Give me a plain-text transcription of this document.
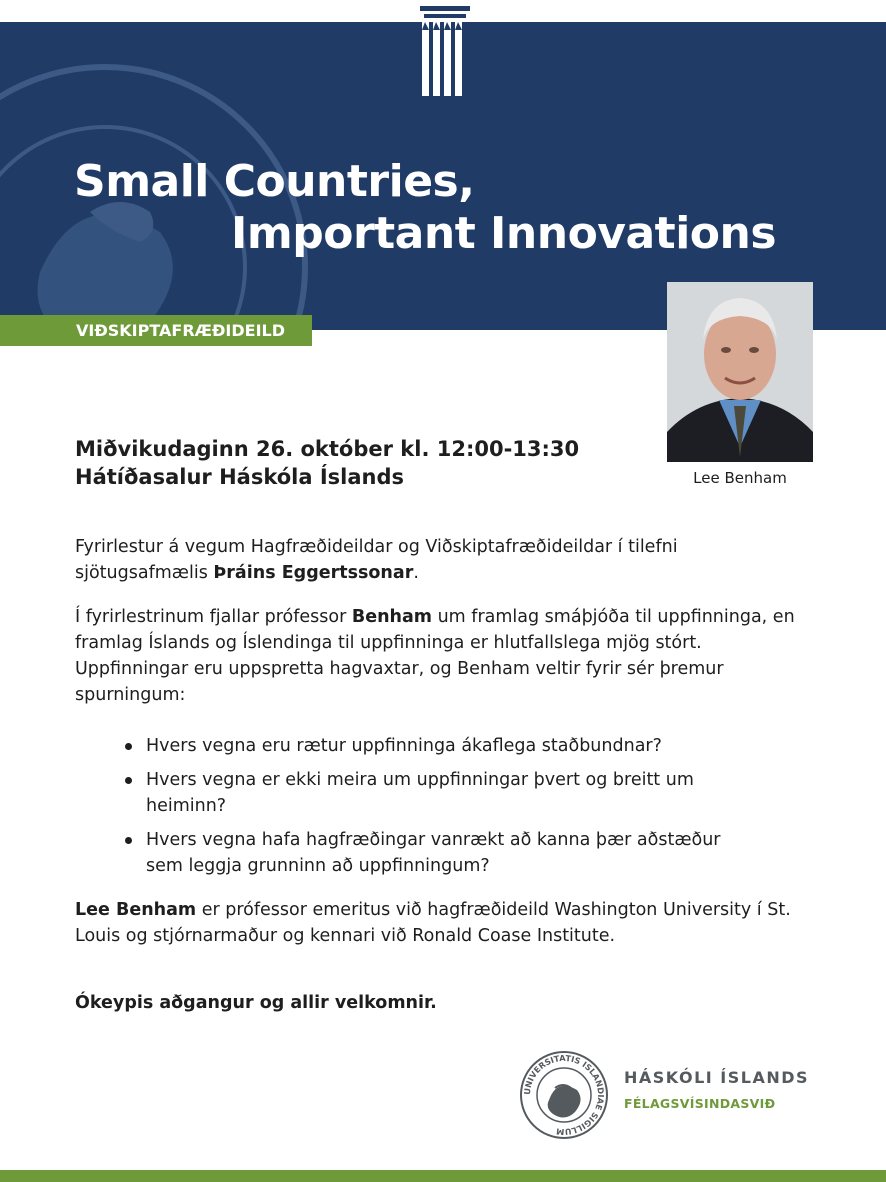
Small Countries,
Important Innovations
VIÐSKIPTAFRÆÐIDEILD
Lee Benham
Miðvikudaginn 26. október kl. 12:00-13:30
Hátíðasalur Háskóla Íslands

Fyrirlestur á vegum Hagfræðideildar og Viðskiptafræðideildar í tilefni sjötugsafmælis Þráins Eggertssonar.

Í fyrirlestrinum fjallar prófessor Benham um framlag smáþjóða til uppfinninga, en framlag Íslands og Íslendinga til uppfinninga er hlutfallslega mjög stórt. Uppfinningar eru uppspretta hagvaxtar, og Benham veltir fyrir sér þremur spurningum:

Hvers vegna eru rætur uppfinninga ákaflega staðbundnar?
Hvers vegna er ekki meira um uppfinningar þvert og breitt um heiminn?
Hvers vegna hafa hagfræðingar vanrækt að kanna þær aðstæður sem leggja grunninn að uppfinningum?

Lee Benham er prófessor emeritus við hagfræðideild Washington University í St. Louis og stjórnarmaður og kennari við Ronald Coase Institute.

Ókeypis aðgangur og allir velkomnir.
UNIVERSITATIS ISLANDIAE SIGILLUM
HÁSKÓLI ÍSLANDS
FÉLAGSVÍSINDASVIÐ
